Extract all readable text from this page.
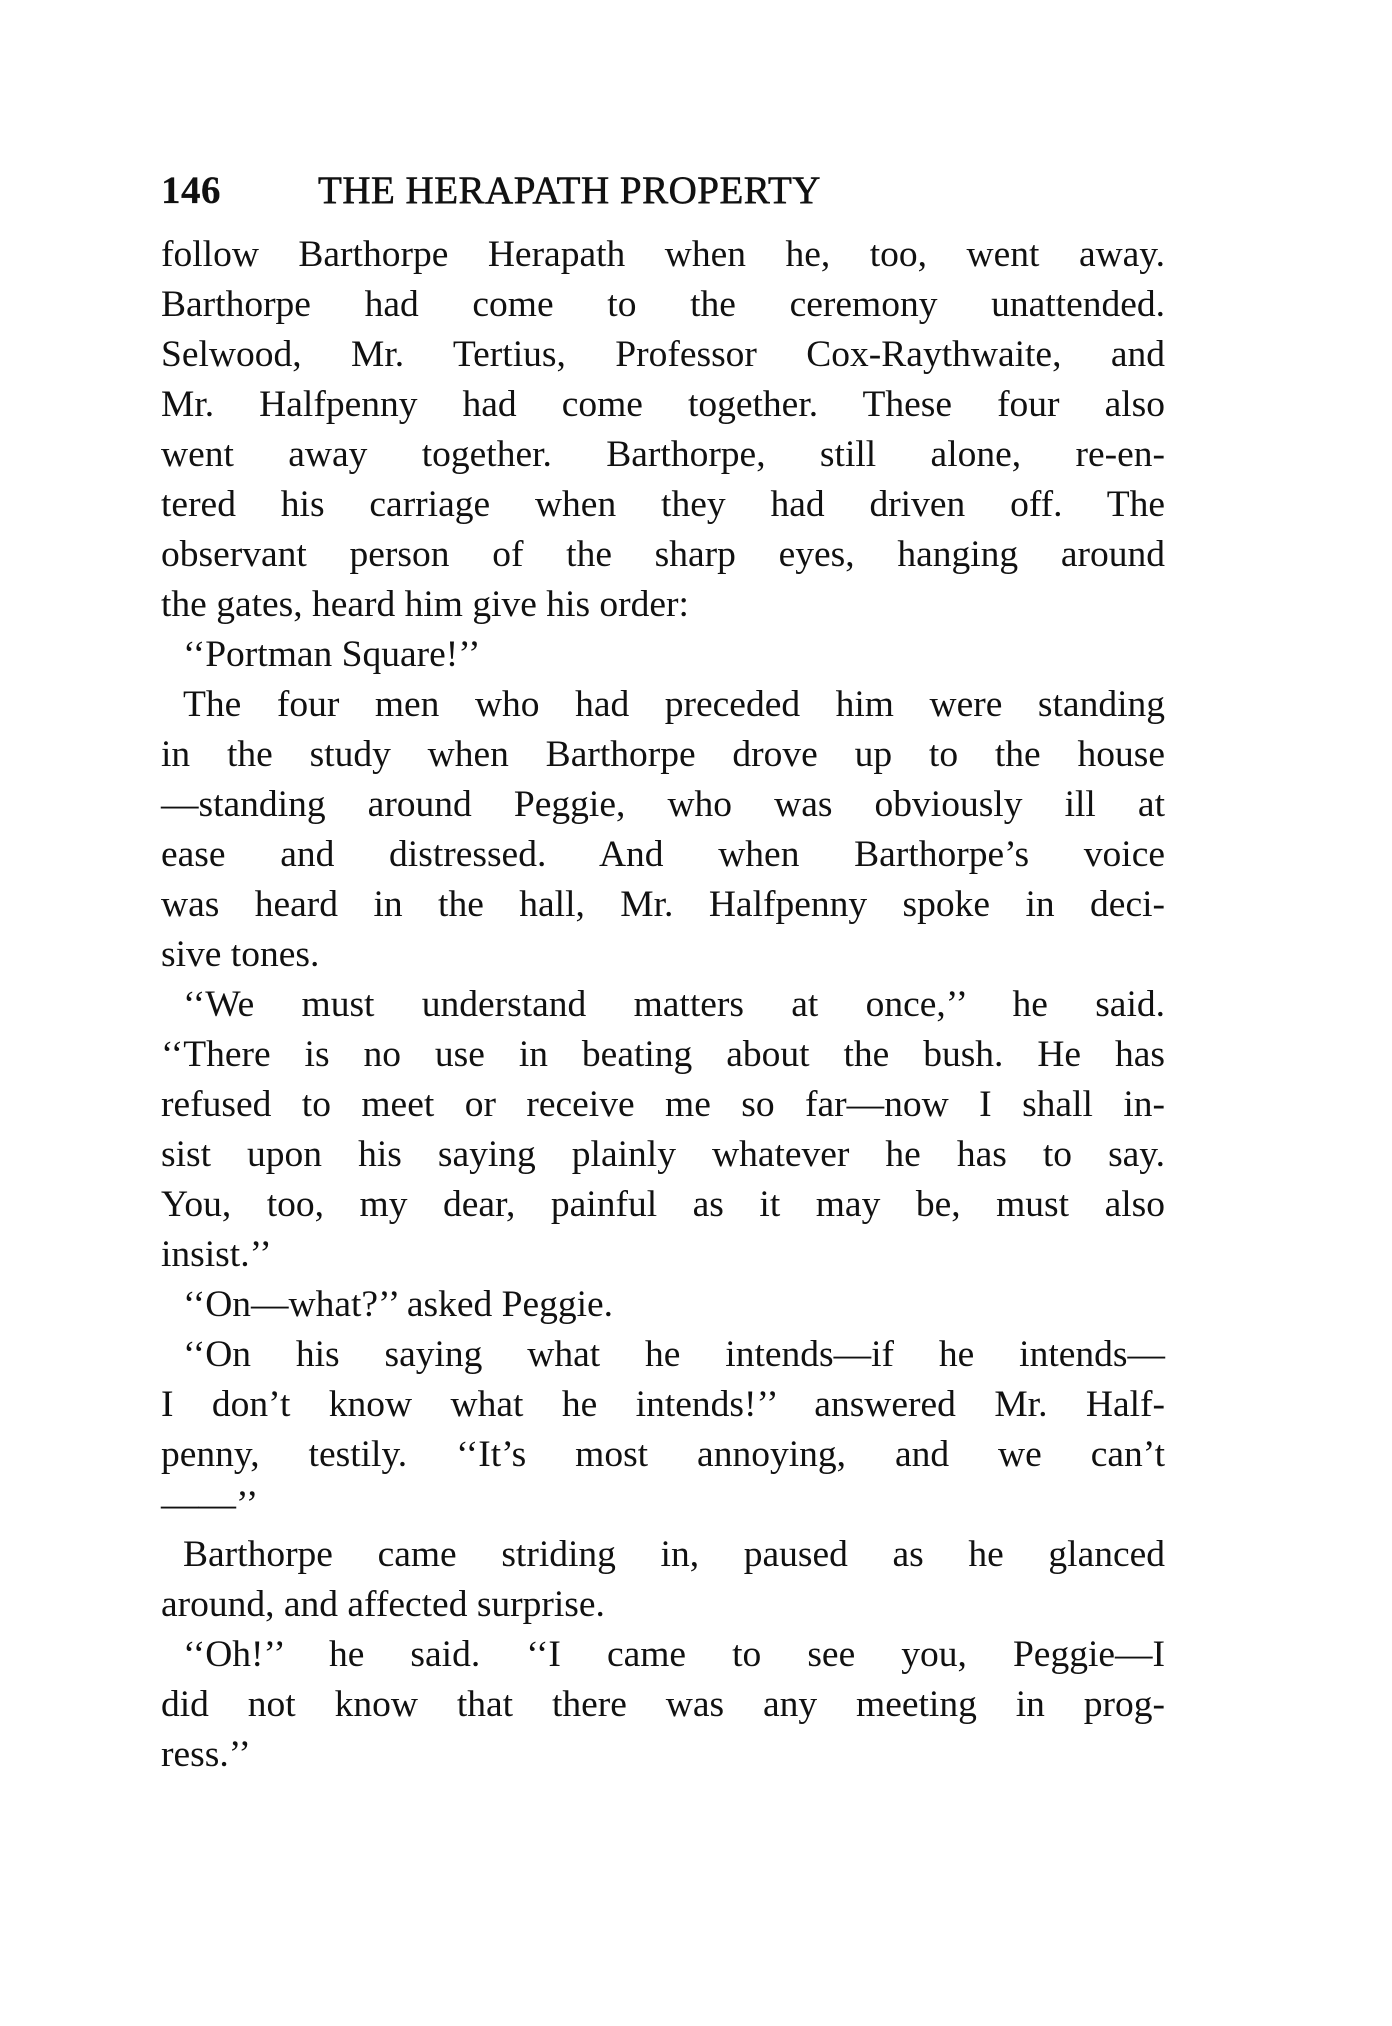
146 THE HERAPATH PROPERTY
follow Barthorpe Herapath when he, too, went away.
Barthorpe had come to the ceremony unattended.
Selwood, Mr. Tertius, Professor Cox-Raythwaite, and
Mr. Halfpenny had come together. These four also
went away together. Barthorpe, still alone, re-en-
tered his carriage when they had driven off. The
observant person of the sharp eyes, hanging around
the gates, heard him give his order:
‘‘Portman Square!’’
The four men who had preceded him were standing
in the study when Barthorpe drove up to the house
—standing around Peggie, who was obviously ill at
ease and distressed. And when Barthorpe’s voice
was heard in the hall, Mr. Halfpenny spoke in deci-
sive tones.
‘‘We must understand matters at once,’’ he said.
‘‘There is no use in beating about the bush. He has
refused to meet or receive me so far—now I shall in-
sist upon his saying plainly whatever he has to say.
You, too, my dear, painful as it may be, must also
insist.’’
‘‘On—what?’’ asked Peggie.
‘‘On his saying what he intends—if he intends—
I don’t know what he intends!’’ answered Mr. Half-
penny, testily. ‘‘It’s most annoying, and we can’t
——’’
Barthorpe came striding in, paused as he glanced
around, and affected surprise.
‘‘Oh!’’ he said. ‘‘I came to see you, Peggie—I
did not know that there was any meeting in prog-
ress.’’
